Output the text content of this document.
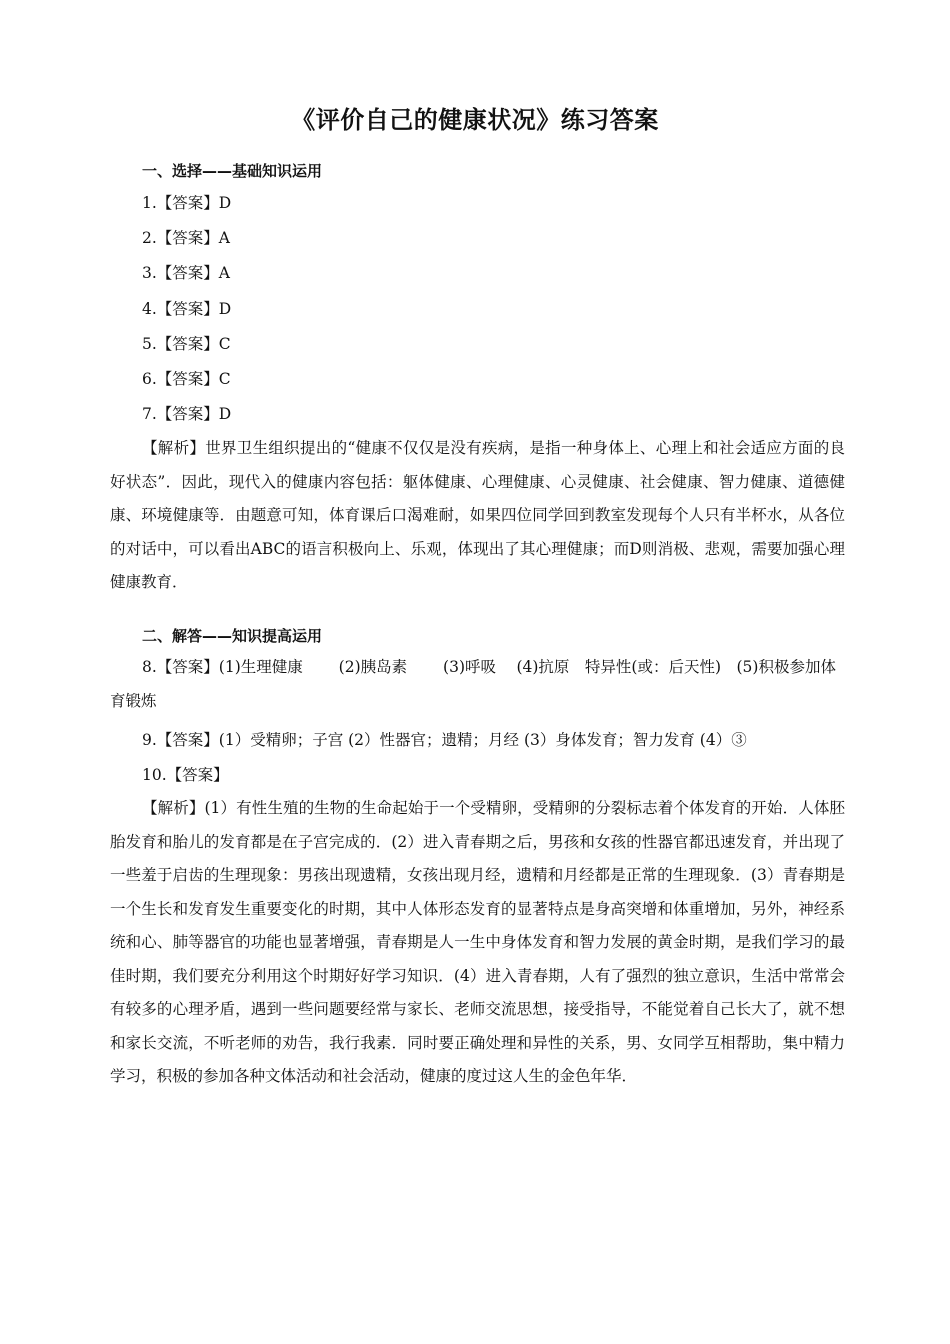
《评价自己的健康状况》练习答案
一、选择——基础知识运用
1.【答案】D
2.【答案】A
3.【答案】A
4.【答案】D
5.【答案】C
6.【答案】C
7.【答案】D
【解析】世界卫生组织提出的“健康不仅仅是没有疾病，是指一种身体上、心理上和社会适应方面的良好状态”．因此，现代入的健康内容包括：躯体健康、心理健康、心灵健康、社会健康、智力健康、道德健康、环境健康等．由题意可知，体育课后口渴难耐，如果四位同学回到教室发现每个人只有半杯水，从各位的对话中，可以看出ABC的语言积极向上、乐观，体现出了其心理健康；而D则消极、悲观，需要加强心理健康教育．
二、解答——知识提高运用
8.【答案】(1)生理健康　　 (2)胰岛素　　 (3)呼吸　 (4)抗原　特异性(或：后天性)　(5)积极参加体育锻炼
9.【答案】(1）受精卵；子宫 (2）性器官；遗精；月经 (3）身体发育；智力发育 (4）③
10.【答案】
【解析】(1）有性生殖的生物的生命起始于一个受精卵，受精卵的分裂标志着个体发育的开始．人体胚胎发育和胎儿的发育都是在子宫完成的．(2）进入青春期之后，男孩和女孩的性器官都迅速发育，并出现了一些羞于启齿的生理现象：男孩出现遗精，女孩出现月经，遗精和月经都是正常的生理现象．(3）青春期是一个生长和发育发生重要变化的时期，其中人体形态发育的显著特点是身高突增和体重增加，另外，神经系统和心、肺等器官的功能也显著增强，青春期是人一生中身体发育和智力发展的黄金时期，是我们学习的最佳时期，我们要充分利用这个时期好好学习知识．(4）进入青春期，人有了强烈的独立意识，生活中常常会有较多的心理矛盾，遇到一些问题要经常与家长、老师交流思想，接受指导，不能觉着自己长大了，就不想和家长交流，不听老师的劝告，我行我素．同时要正确处理和异性的关系，男、女同学互相帮助，集中精力学习，积极的参加各种文体活动和社会活动，健康的度过这人生的金色年华．
